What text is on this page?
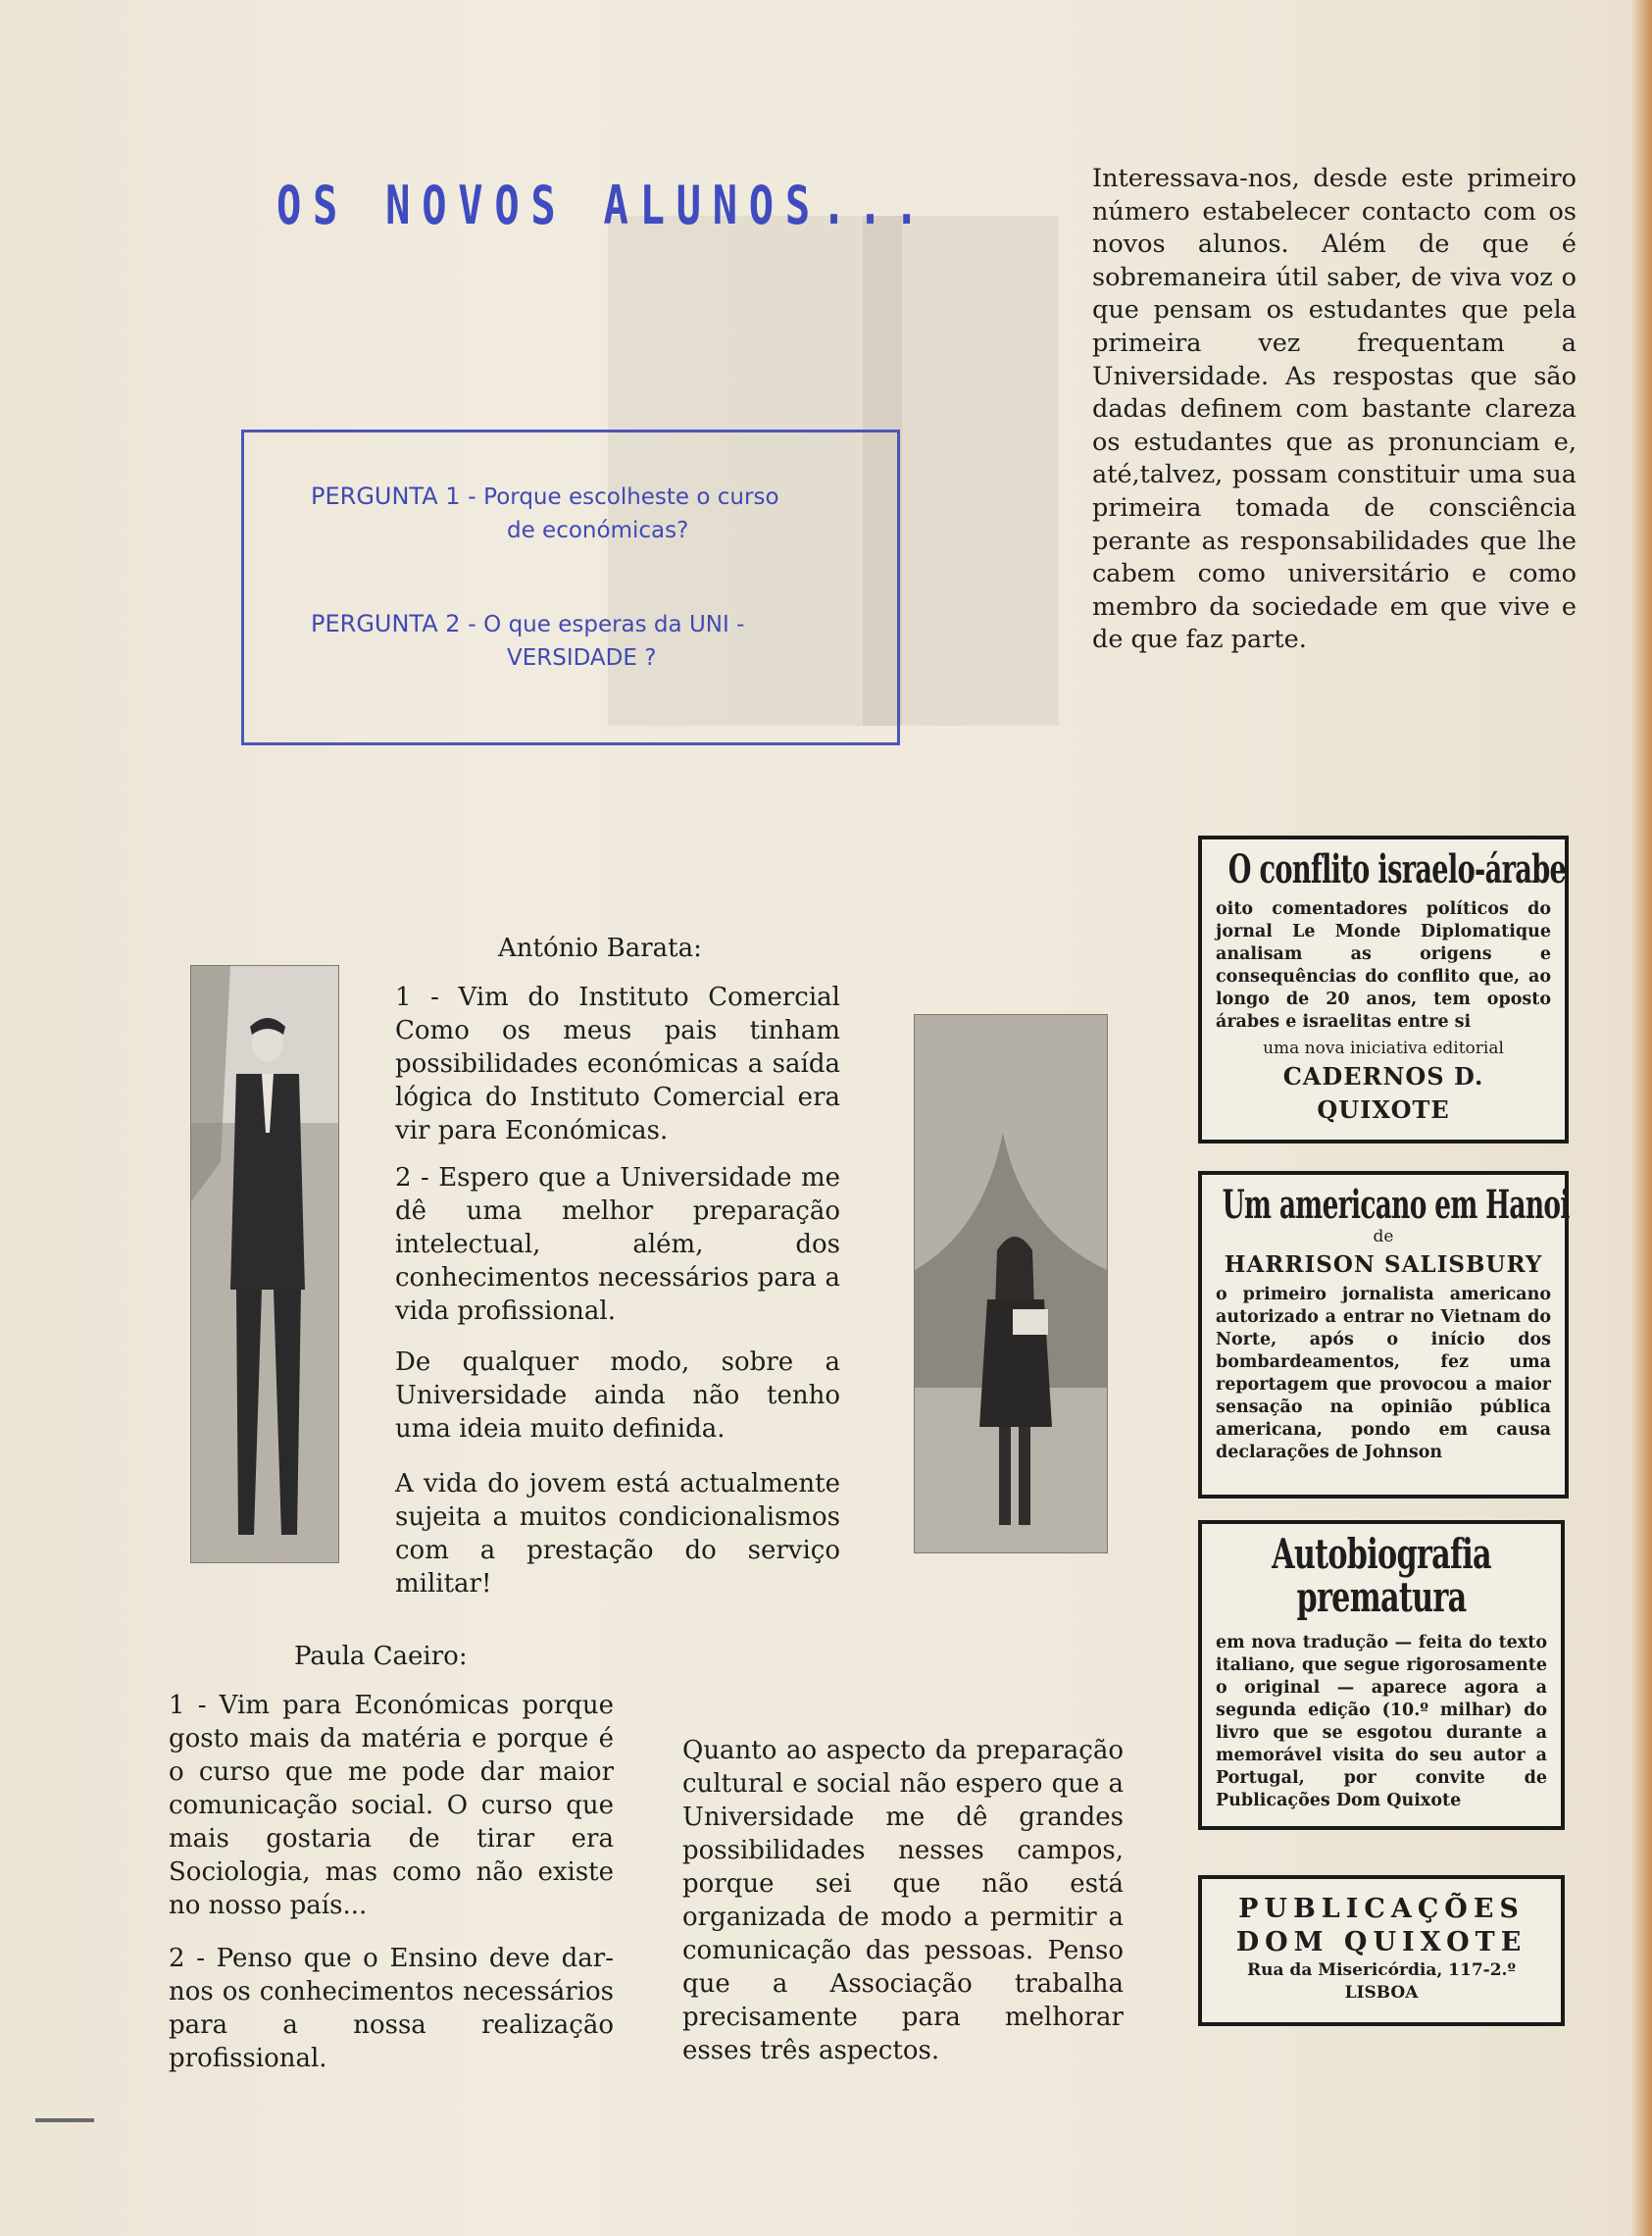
OS NOVOS ALUNOS...
PERGUNTA 1 - Porque escolheste o curso
de económicas?
PERGUNTA 2 - O que esperas da UNI -
VERSIDADE ?
Interessava-nos, desde este primeiro número estabelecer contacto com os novos alunos. Além de que é sobremaneira útil saber, de viva voz o que pensam os estudantes que pela primeira vez frequentam a Universidade. As respostas que são dadas definem com bastante clareza os estudantes que as pronunciam e, até,talvez, possam constituir uma sua primeira tomada de consciência perante as responsabilidades que lhe cabem como universitário e como membro da sociedade em que vive e de que faz parte.
António Barata:

1 - Vim do Instituto Comercial Como os meus pais tinham possibilidades económicas a saída lógica do Instituto Comercial era vir para Económicas.

2 - Espero que a Universidade me dê uma melhor preparação intelectual, além, dos conhecimentos necessários para a vida profissional.

De qualquer modo, sobre a Universidade ainda não tenho uma ideia muito definida.

A vida do jovem está actualmente sujeita a muitos condicionalismos com a prestação do serviço militar!

Paula Caeiro:

1 - Vim para Económicas porque gosto mais da matéria e porque é o curso que me pode dar maior comunicação social. O curso que mais gostaria de tirar era Sociologia, mas como não existe no nosso país...

2 - Penso que o Ensino deve dar-nos os conhecimentos necessários para a nossa realização profissional.

Quanto ao aspecto da preparação cultural e social não espero que a Universidade me dê grandes possibilidades nesses campos, porque sei que não está organizada de modo a permitir a comunicação das pessoas. Penso que a Associação trabalha precisamente para melhorar esses três aspectos.

O conflito israelo-árabe
oito comentadores políticos do jornal Le Monde Diplomatique analisam as origens e consequências do conflito que, ao longo de 20 anos, tem oposto árabes e israelitas entre si
uma nova iniciativa editorial
CADERNOS D. QUIXOTE
Um americano em Hanoi
de
HARRISON SALISBURY
o primeiro jornalista americano autorizado a entrar no Vietnam do Norte, após o início dos bombardeamentos, fez uma reportagem que provocou a maior sensação na opinião pública americana, pondo em causa declarações de Johnson
Autobiografia
prematura
em nova tradução — feita do texto italiano, que segue rigorosamente o original — aparece agora a segunda edição (10.º milhar) do livro que se esgotou durante a memorável visita do seu autor a Portugal, por convite de Publicações Dom Quixote
PUBLICAÇÕES
DOM QUIXOTE
Rua da Misericórdia, 117-2.º
LISBOA
